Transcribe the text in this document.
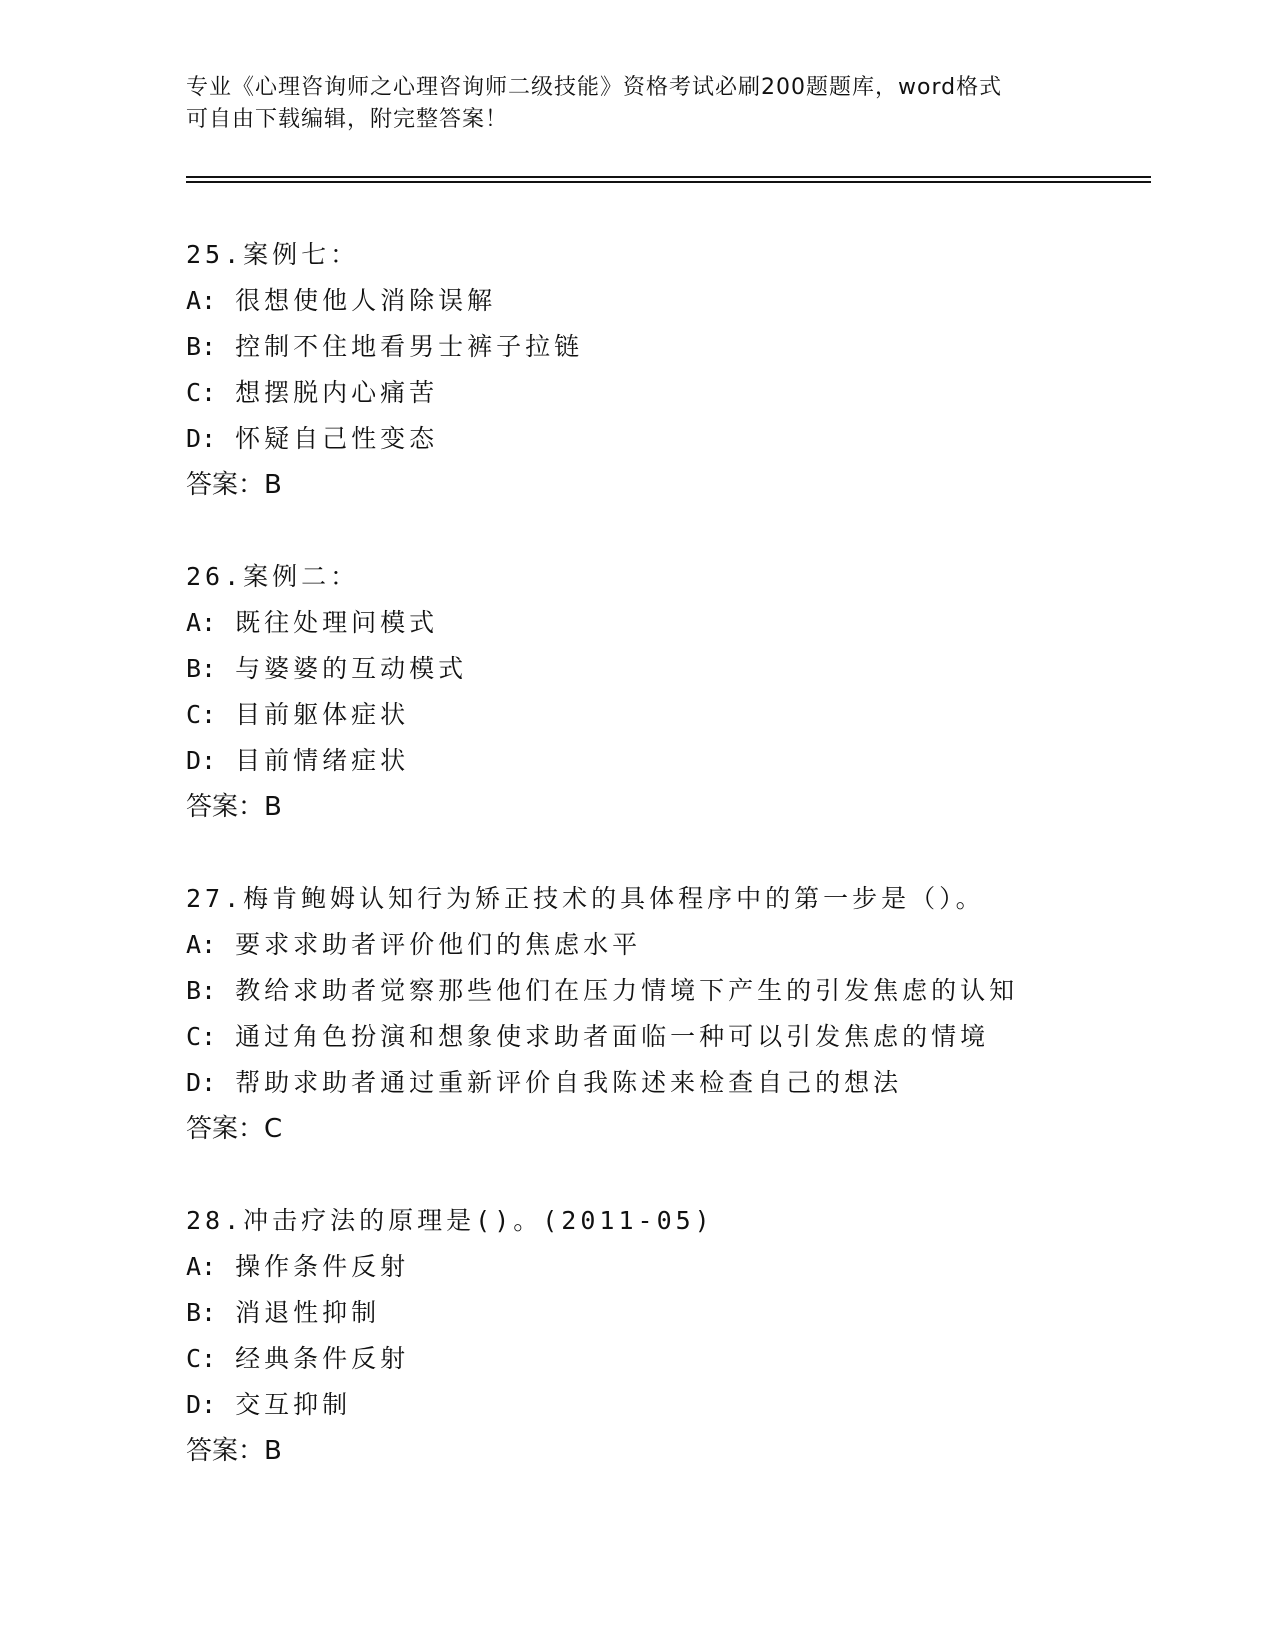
专业《心理咨询师之心理咨询师二级技能》资格考试必刷200题题库，word格式
可自由下载编辑，附完整答案！
25.案例七：
A: 很想使他人消除误解
B: 控制不住地看男士裤子拉链
C: 想摆脱内心痛苦
D: 怀疑自己性变态
答案：B
26.案例二：
A: 既往处理问模式
B: 与婆婆的互动模式
C: 目前躯体症状
D: 目前情绪症状
答案：B
27.梅肯鲍姆认知行为矫正技术的具体程序中的第一步是（）。
A: 要求求助者评价他们的焦虑水平
B: 教给求助者觉察那些他们在压力情境下产生的引发焦虑的认知
C: 通过角色扮演和想象使求助者面临一种可以引发焦虑的情境
D: 帮助求助者通过重新评价自我陈述来检查自己的想法
答案：C
28.冲击疗法的原理是()。(2011-05)
A: 操作条件反射
B: 消退性抑制
C: 经典条件反射
D: 交互抑制
答案：B
